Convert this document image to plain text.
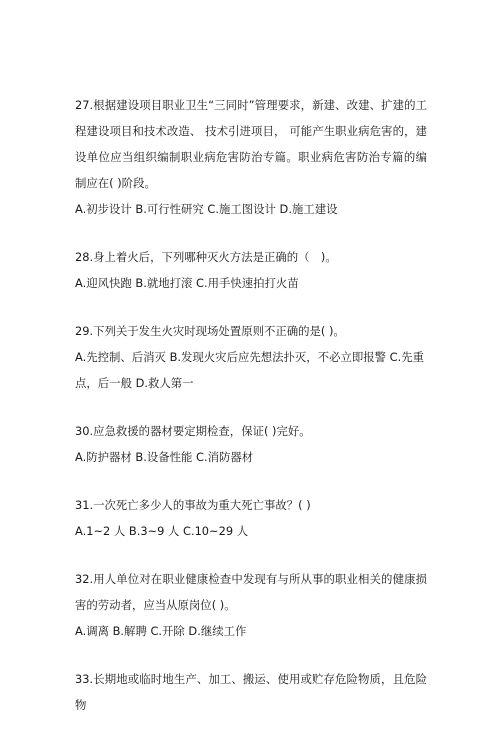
27.根据建设项目职业卫生“三同时”管理要求，新建、改建、扩建的工程建设项目和技术改造、 技术引进项目， 可能产生职业病危害的，建设单位应当组织编制职业病危害防治专篇。职业病危害防治专篇的编制应在( )阶段。

A.初步设计 B.可行性研究 C.施工图设计 D.施工建设

28.身上着火后，下列哪种灭火方法是正确的（　)。

A.迎风快跑 B.就地打滚 C.用手快速拍打火苗

29.下列关于发生火灾时现场处置原则不正确的是( )。

A.先控制、后消灭 B.发现火灾后应先想法扑灭，不必立即报警 C.先重点，后一般 D.救人第一

30.应急救援的器材要定期检查，保证( )完好。

A.防护器材 B.设备性能 C.消防器材

31.一次死亡多少人的事故为重大死亡事故？( )

A.1~2 人 B.3~9 人 C.10~29 人

32.用人单位对在职业健康检查中发现有与所从事的职业相关的健康损害的劳动者，应当从原岗位( )。

A.调离 B.解聘 C.开除 D.继续工作

33.长期地或临时地生产、加工、搬运、使用或贮存危险物质，且危险物
